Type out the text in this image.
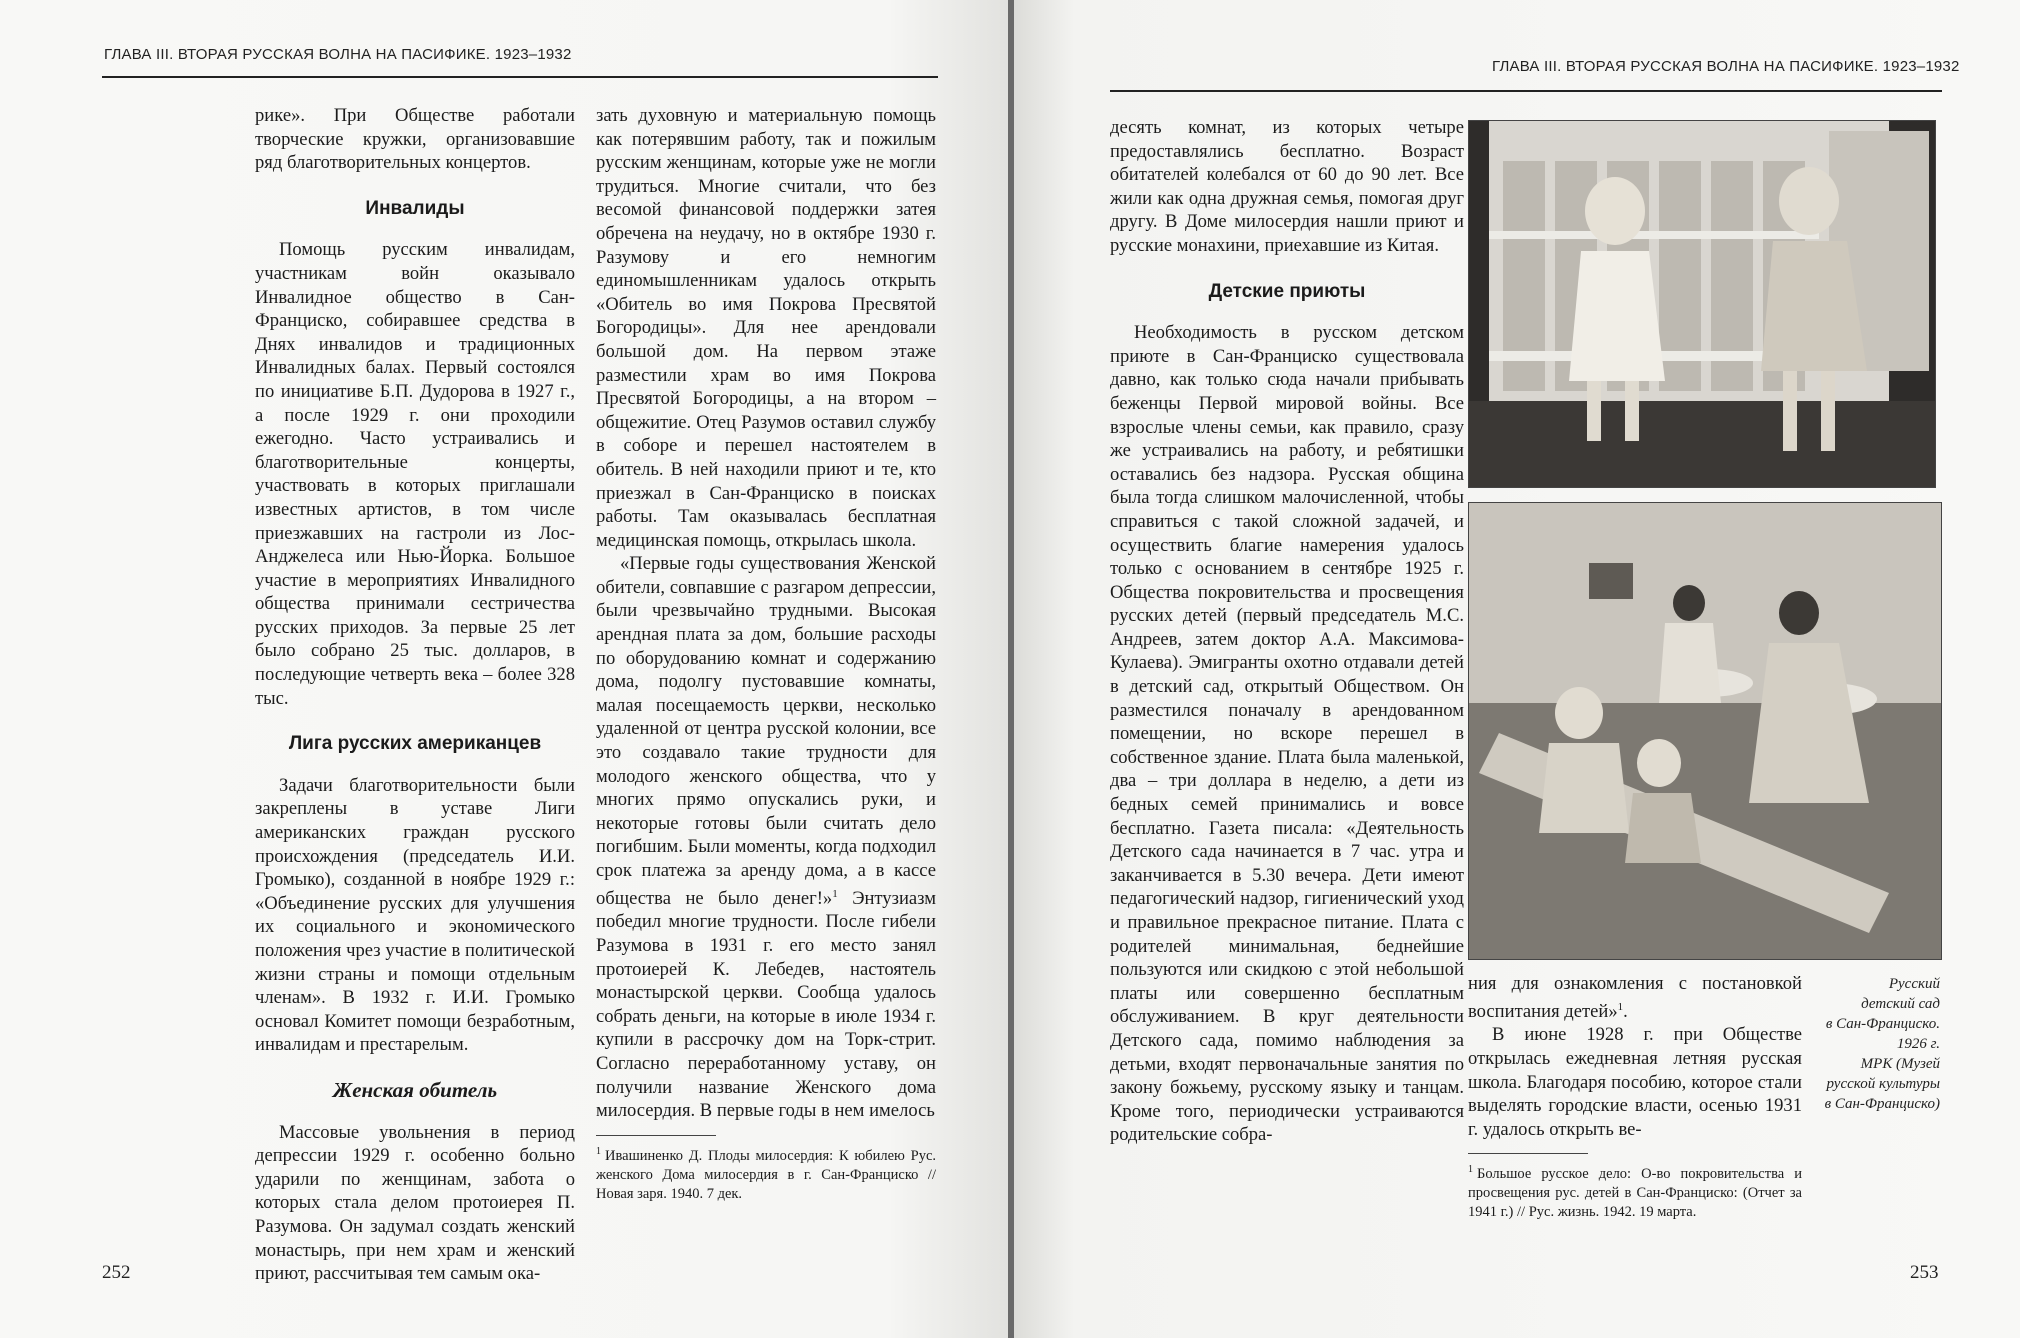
ГЛАВА III. ВТОРАЯ РУССКАЯ ВОЛНА НА ПАСИФИКЕ. 1923–1932

рике». При Обществе работали творческие кружки, организовавшие ряд благотворительных концертов.

Инвалиды

Помощь русским инвалидам, участникам войн оказывало Инвалидное общество в Сан-Франциско, собиравшее средства в Днях инвалидов и традиционных Инвалидных балах. Первый состоялся по инициативе Б.П. Дудорова в 1927 г., а после 1929 г. они проходили ежегодно. Часто устраивались и благотворительные концерты, участвовать в которых приглашали известных артистов, в том числе приезжавших на гастроли из Лос-Анджелеса или Нью-Йорка. Большое участие в мероприятиях Инвалидного общества принимали сестричества русских приходов. За первые 25 лет было собрано 25 тыс. долларов, в последующие четверть века – более 328 тыс.

Лига русских американцев

Задачи благотворительности были закреплены в уставе Лиги американских граждан русского происхождения (председатель И.И. Громыко), созданной в ноябре 1929 г.: «Объединение русских для улучшения их социального и экономического положения чрез участие в политической жизни страны и помощи отдельным членам». В 1932 г. И.И. Громыко основал Комитет помощи безработным, инвалидам и престарелым.

Женская обитель

Массовые увольнения в период депрессии 1929 г. особенно больно ударили по женщинам, забота о которых стала делом протоиерея П. Разумова. Он задумал создать женский монастырь, при нем храм и женский приют, рассчитывая тем самым ока-

зать духовную и материальную помощь как потерявшим работу, так и пожилым русским женщинам, которые уже не могли трудиться. Многие считали, что без весомой финансовой поддержки затея обречена на неудачу, но в октябре 1930 г. Разумову и его немногим единомышленникам удалось открыть «Обитель во имя Покрова Пресвятой Богородицы». Для нее арендовали большой дом. На первом этаже разместили храм во имя Покрова Пресвятой Богородицы, а на втором – общежитие. Отец Разумов оставил службу в соборе и перешел настоятелем в обитель. В ней находили приют и те, кто приезжал в Сан-Франциско в поисках работы. Там оказывалась бесплатная медицинская помощь, открылась школа.

«Первые годы существования Женской обители, совпавшие с разгаром депрессии, были чрезвычайно трудными. Высокая арендная плата за дом, большие расходы по оборудованию комнат и содержанию дома, подолгу пустовавшие комнаты, малая посещаемость церкви, несколько удаленной от центра русской колонии, все это создавало такие трудности для молодого женского общества, что у многих прямо опускались руки, и некоторые готовы были считать дело погибшим. Были моменты, когда подходил срок платежа за аренду дома, а в кассе общества не было денег!»$^1$ Энтузиазм победил многие трудности. После гибели Разумова в 1931 г. его место занял протоиерей К. Лебедев, настоятель монастырской церкви. Сообща удалось собрать деньги, на которые в июле 1934 г. купили в рассрочку дом на Торк-стрит. Согласно переработанному уставу, он получили название Женского дома милосердия. В первые годы в нем имелось

$^1$ Ивашиненко Д. Плоды милосердия: К юбилею Рус. женского Дома милосердия в г. Сан-Франциско // Новая заря. 1940. 7 дек.
252
ГЛАВА III. ВТОРАЯ РУССКАЯ ВОЛНА НА ПАСИФИКЕ. 1923–1932

десять комнат, из которых четыре предоставлялись бесплатно. Возраст обитателей колебался от 60 до 90 лет. Все жили как одна дружная семья, помогая друг другу. В Доме милосердия нашли приют и русские монахини, приехавшие из Китая.

Детские приюты

Необходимость в русском детском приюте в Сан-Франциско существовала давно, как только сюда начали прибывать беженцы Первой мировой войны. Все взрослые члены семьи, как правило, сразу же устраивались на работу, и ребятишки оставались без надзора. Русская община была тогда слишком малочисленной, чтобы справиться с такой сложной задачей, и осуществить благие намерения удалось только с основанием в сентябре 1925 г. Общества покровительства и просвещения русских детей (первый председатель М.С. Андреев, затем доктор А.А. Максимова-Кулаева). Эмигранты охотно отдавали детей в детский сад, открытый Обществом. Он разместился поначалу в арендованном помещении, но вскоре перешел в собственное здание. Плата была маленькой, два – три доллара в неделю, а дети из бедных семей принимались и вовсе бесплатно. Газета писала: «Деятельность Детского сада начинается в 7 час. утра и заканчивается в 5.30 вечера. Дети имеют педагогический надзор, гигиенический уход и правильное прекрасное питание. Плата с родителей минимальная, беднейшие пользуются или скидкою с этой небольшой платы или совершенно бесплатным обслуживанием. В круг деятельности Детского сада, помимо наблюдения за детьми, входят первоначальные занятия по закону божьему, русскому языку и танцам. Кроме того, периодически устраиваются родительские собра-

ния для ознакомления с постановкой воспитания детей»$^1$.

В июне 1928 г. при Обществе открылась ежедневная летняя русская школа. Благодаря пособию, которое стали выделять городские власти, осенью 1931 г. удалось открыть ве-

$^1$ Большое русское дело: О-во покровительства и просвещения рус. детей в Сан-Франциско: (Отчет за 1941 г.) // Рус. жизнь. 1942. 19 марта.
Русский
детский сад
в Сан-Франциско.
1926 г.
МРК (Музей
русской культуры
в Сан-Франциско)
253
